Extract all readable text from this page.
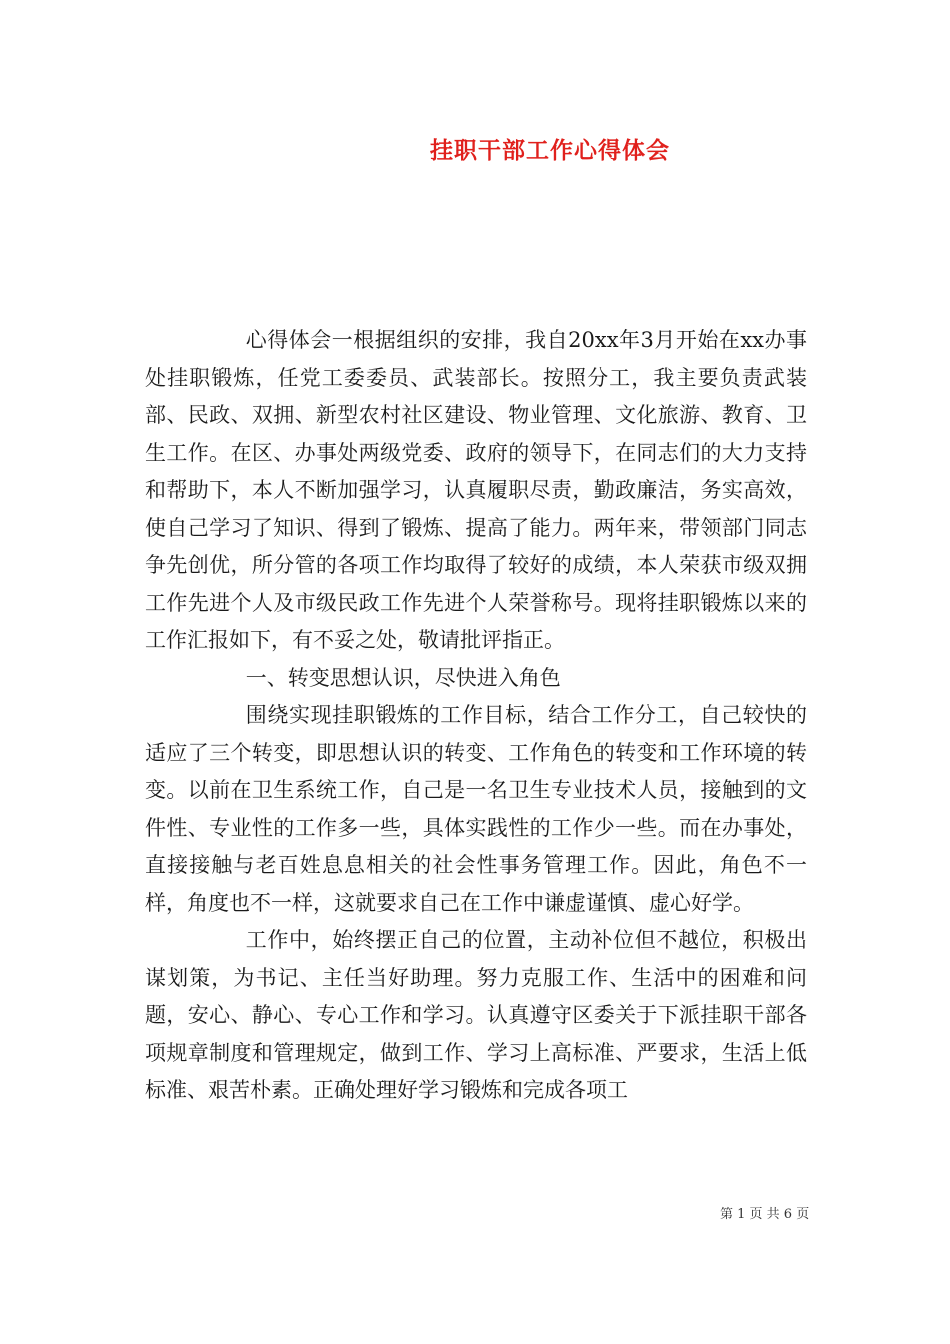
挂职干部工作心得体会

心得体会一根据组织的安排，我自20xx年3月开始在xx办事处挂职锻炼，任党工委委员、武装部长。按照分工，我主要负责武装部、民政、双拥、新型农村社区建设、物业管理、文化旅游、教育、卫生工作。在区、办事处两级党委、政府的领导下，在同志们的大力支持和帮助下，本人不断加强学习，认真履职尽责，勤政廉洁，务实高效，使自己学习了知识、得到了锻炼、提高了能力。两年来，带领部门同志争先创优，所分管的各项工作均取得了较好的成绩，本人荣获市级双拥工作先进个人及市级民政工作先进个人荣誉称号。现将挂职锻炼以来的工作汇报如下，有不妥之处，敬请批评指正。

一、转变思想认识，尽快进入角色

围绕实现挂职锻炼的工作目标，结合工作分工，自己较快的适应了三个转变，即思想认识的转变、工作角色的转变和工作环境的转变。以前在卫生系统工作，自己是一名卫生专业技术人员，接触到的文件性、专业性的工作多一些，具体实践性的工作少一些。而在办事处，直接接触与老百姓息息相关的社会性事务管理工作。因此，角色不一样，角度也不一样，这就要求自己在工作中谦虚谨慎、虚心好学。

工作中，始终摆正自己的位置，主动补位但不越位，积极出谋划策，为书记、主任当好助理。努力克服工作、生活中的困难和问题，安心、静心、专心工作和学习。认真遵守区委关于下派挂职干部各项规章制度和管理规定，做到工作、学习上高标准、严要求，生活上低标准、艰苦朴素。正确处理好学习锻炼和完成各项工

第 1 页 共 6 页
